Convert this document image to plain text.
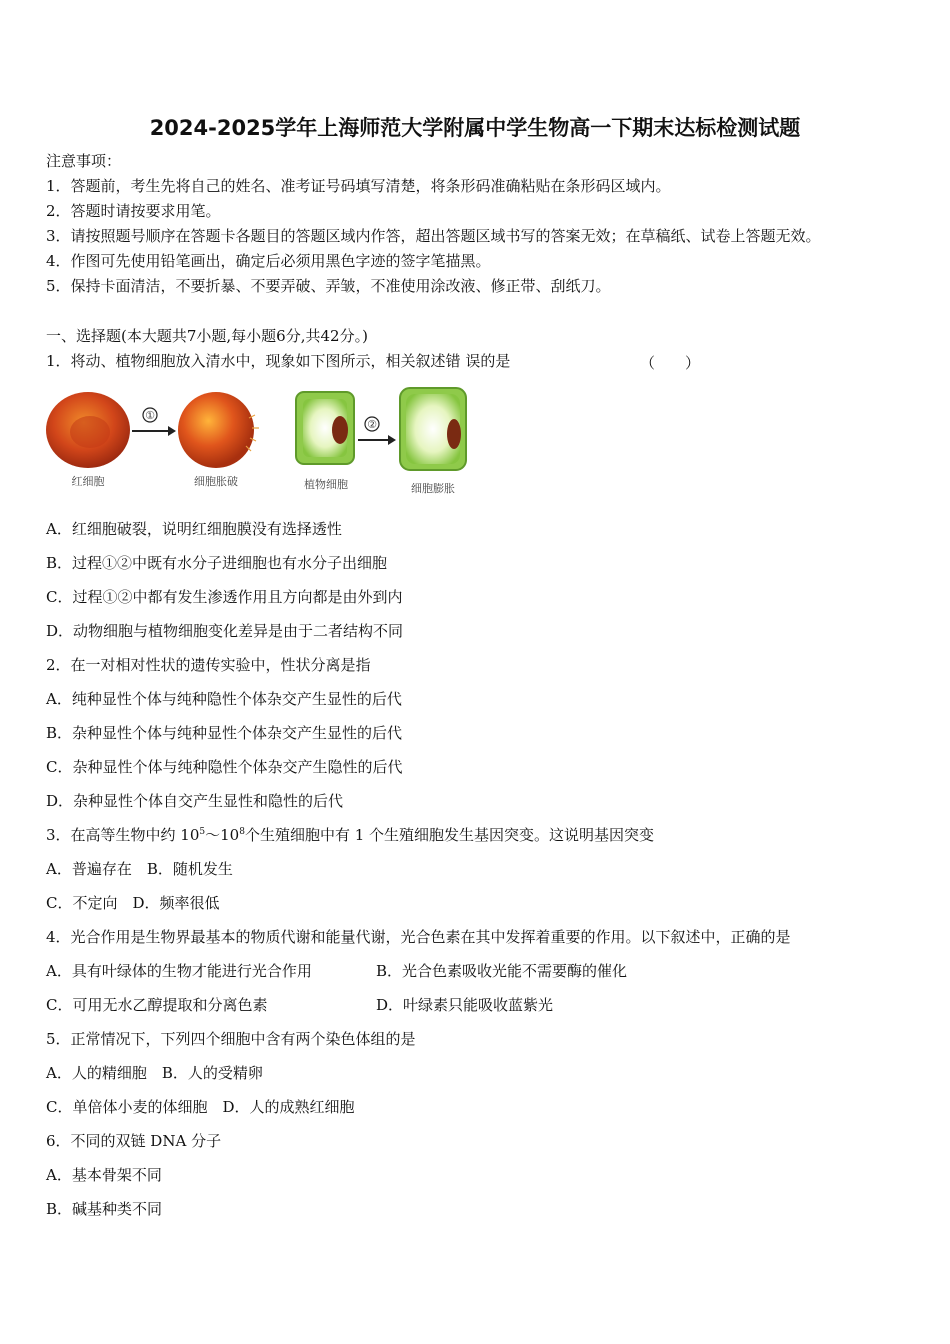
2024-2025学年上海师范大学附属中学生物高一下期末达标检测试题
注意事项：
1．答题前，考生先将自己的姓名、准考证号码填写清楚，将条形码准确粘贴在条形码区域内。
2．答题时请按要求用笔。
3．请按照题号顺序在答题卡各题目的答题区域内作答，超出答题区域书写的答案无效；在草稿纸、试卷上答题无效。
4．作图可先使用铅笔画出，确定后必须用黑色字迹的签字笔描黑。
5．保持卡面清洁，不要折暴、不要弄破、弄皱，不准使用涂改液、修正带、刮纸刀。
一、选择题(本大题共7小题,每小题6分,共42分。)
1．将动、植物细胞放入清水中，现象如下图所示，相关叙述错 误的是	（　　）
①
②
红细胞	细胞胀破	植物细胞	细胞膨胀
A．红细胞破裂，说明红细胞膜没有选择透性
B．过程①②中既有水分子进细胞也有水分子出细胞
C．过程①②中都有发生渗透作用且方向都是由外到内
D．动物细胞与植物细胞变化差异是由于二者结构不同
2．在一对相对性状的遗传实验中，性状分离是指
A．纯种显性个体与纯种隐性个体杂交产生显性的后代
B．杂种显性个体与纯种显性个体杂交产生显性的后代
C．杂种显性个体与纯种隐性个体杂交产生隐性的后代
D．杂种显性个体自交产生显性和隐性的后代
3．在高等生物中约 $10^5\sim 10^8$个生殖细胞中有 1 个生殖细胞发生基因突变。这说明基因突变
A．普遍存在　B．随机发生
C．不定向　D．频率很低
4．光合作用是生物界最基本的物质代谢和能量代谢，光合色素在其中发挥着重要的作用。以下叙述中，正确的是
A．具有叶绿体的生物才能进行光合作用	B．光合色素吸收光能不需要酶的催化
C．可用无水乙醇提取和分离色素	D．叶绿素只能吸收蓝紫光
5．正常情况下，下列四个细胞中含有两个染色体组的是
A．人的精细胞　B．人的受精卵
C．单倍体小麦的体细胞　D．人的成熟红细胞
6．不同的双链 DNA 分子
A．基本骨架不同
B．碱基种类不同
